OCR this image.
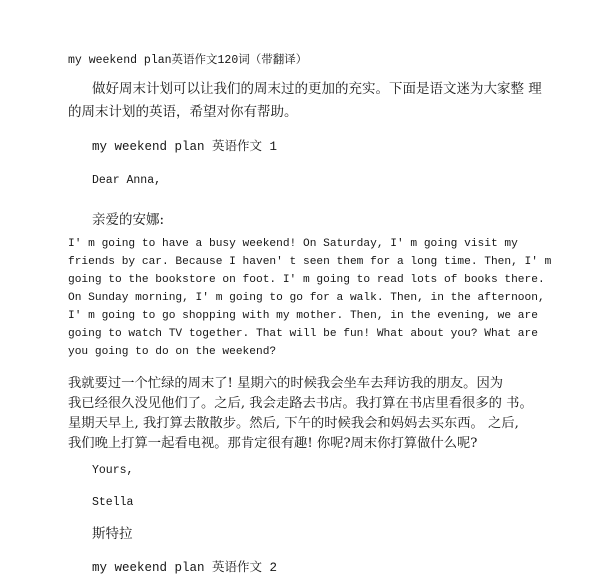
my weekend plan英语作文120词（带翻译）
做好周末计划可以让我们的周末过的更加的充实。下面是语文迷为大家整 理
的周末计划的英语，希望对你有帮助。
my weekend plan 英语作文 1
Dear Anna,
亲爱的安娜:
I' m going to have a busy weekend! On Saturday, I' m going visit my
friends by car. Because I haven' t seen them for a long time. Then, I' m
going to the bookstore on foot. I' m going to read lots of books there.
On Sunday morning, I' m going to go for a walk. Then, in the afternoon,
I' m going to go shopping with my mother. Then, in the evening, we are
going to watch TV together. That will be fun! What about you? What are
you going to do on the weekend?
我就要过一个忙绿的周末了! 星期六的时候我会坐车去拜访我的朋友。因为
我已经很久没见他们了。之后, 我会走路去书店。我打算在书店里看很多的 书。
星期天早上, 我打算去散散步。然后, 下午的时候我会和妈妈去买东西。 之后,
我们晚上打算一起看电视。那肯定很有趣! 你呢?周末你打算做什么呢?
Yours,
Stella
斯特拉
my weekend plan 英语作文 2
